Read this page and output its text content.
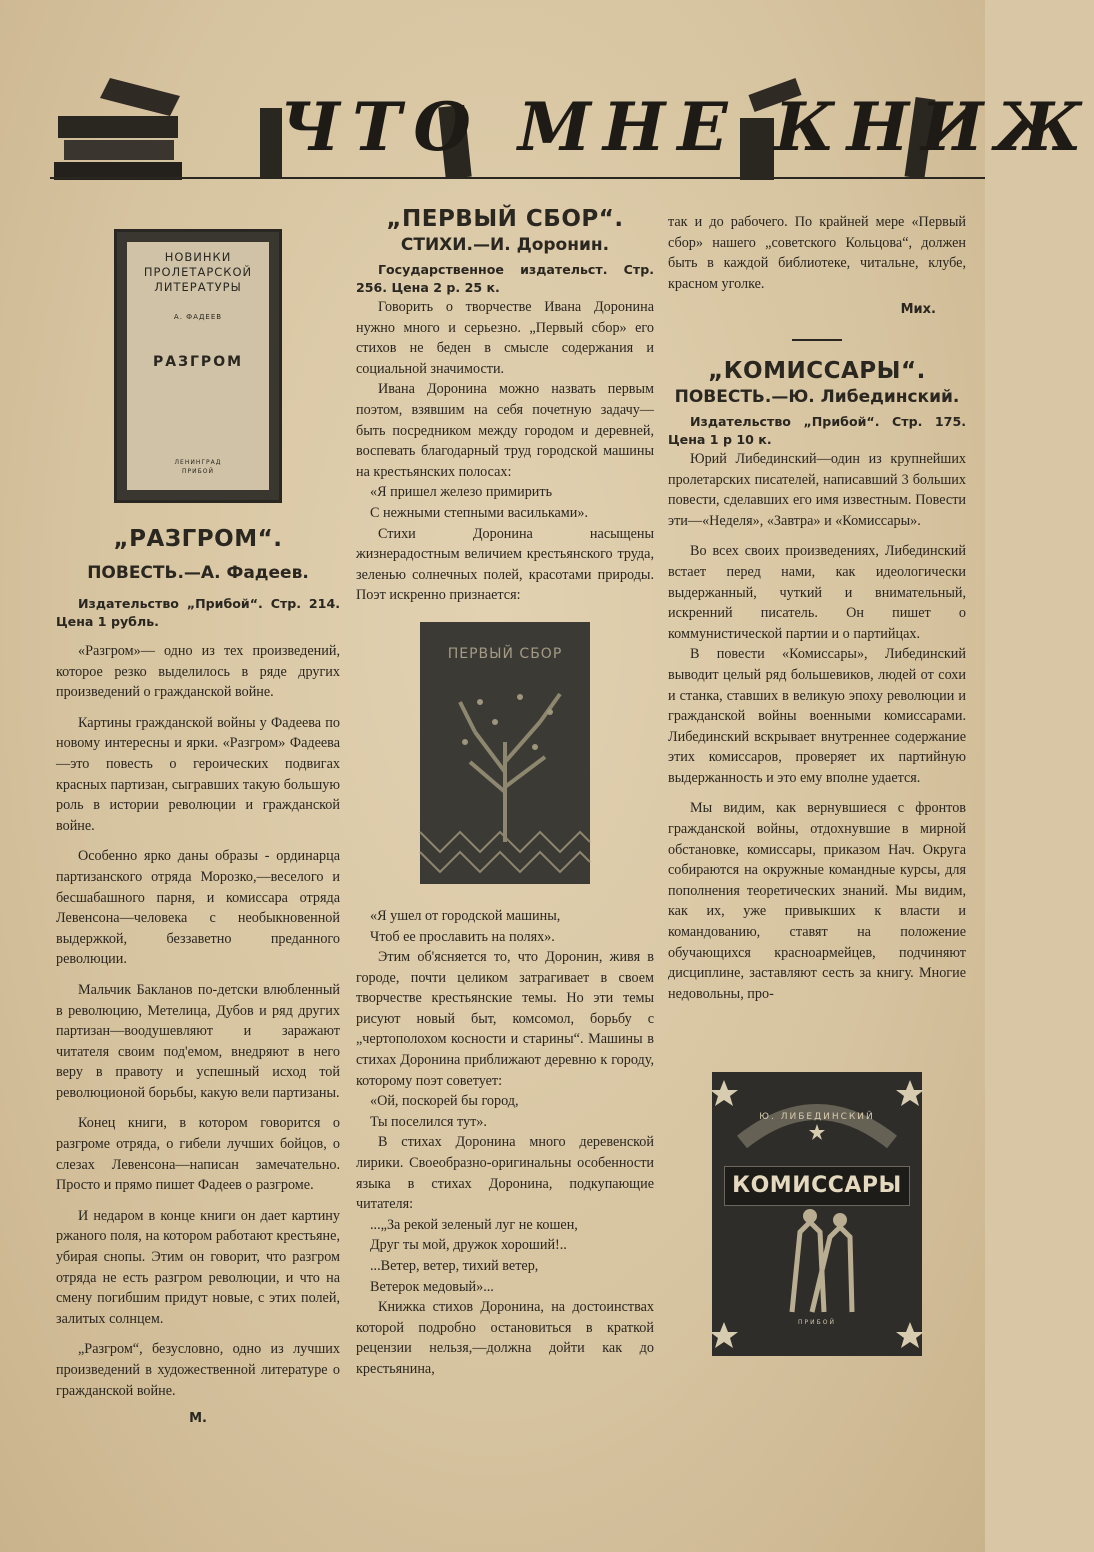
ЧТО МНЕ КНИЖ
НОВИНКИ ПРОЛЕТАРСКОЙ ЛИТЕРАТУРЫ
А. ФАДЕЕВ
РАЗГРОМ
ЛЕНИНГРАД
ПРИБОЙ
„РАЗГРОМ“.
ПОВЕСТЬ.—А. Фадеев.
Издательство „Прибой“. Стр. 214. Цена 1 рубль.

«Разгром»— одно из тех произведений, которое резко выделилось в ряде других произведений о гражданской войне.

Картины гражданской войны у Фадеева по новому интересны и ярки. «Разгром» Фадеева—это повесть о героических подвигах красных партизан, сыгравших такую большую роль в истории революции и гражданской войне.

Особенно ярко даны образы - ординарца партизанского отряда Морозко,—веселого и бесшабашного парня, и комиссара отряда Левенсона—человека с необыкновенной выдержкой, беззаветно преданного революции.

Мальчик Бакланов по-детски влюбленный в революцию, Метелица, Дубов и ряд других партизан—воодушевляют и заражают читателя своим под'емом, внедряют в него веру в правоту и успешный исход той революционой борьбы, какую вели партизаны.

Конец книги, в котором говорится о разгроме отряда, о гибели лучших бойцов, о слезах Левенсона—написан замечательно. Просто и прямо пишет Фадеев о разгроме.

И недаром в конце книги он дает картину ржаного поля, на котором работают крестьяне, убирая снопы. Этим он говорит, что разгром отряда не есть разгром революции, и что на смену погибшим придут новые, с этих полей, залитых солнцем.

„Разгром“, безусловно, одно из лучших произведений в художественной литературе о гражданской войне.

М.
„ПЕРВЫЙ СБОР“.
СТИХИ.—И. Доронин.
Государственное издательст. Стр. 256. Цена 2 р. 25 к.

Говорить о творчестве Ивана Доронина нужно много и серьезно. „Первый сбор» его стихов не беден в смысле содержания и социальной значимости.

Ивана Доронина можно назвать первым поэтом, взявшим на себя почетную задачу—быть посредником между городом и деревней, воспевать благодарный труд городской машины на крестьянских полосах:

«Я пришел железо примирить

С нежными степными васильками».

Стихи Доронина насыщены жизнерадостным величием крестьянского труда, зеленью солнечных полей, красотами природы. Поэт искренно признается:

ПЕРВЫЙ СБОР

«Я ушел от городской машины,

Чтоб ее прославить на полях».

Этим об'ясняется то, что Доронин, живя в городе, почти целиком затрагивает в своем творчестве крестьянские темы. Но эти темы рисуют новый быт, комсомол, борьбу с „чертополохом косности и старины“. Машины в стихах Доронина приближают деревню к городу, которому поэт советует:

«Ой, поскорей бы город,

Ты поселился тут».

В стихах Доронина много деревенской лирики. Своеобразно-оригинальны особенности языка в стихах Доронина, подкупающие читателя:

...„За рекой зеленый луг не кошен,

Друг ты мой, дружок хороший!..

...Ветер, ветер, тихий ветер,

Ветерок медовый»...

Книжка стихов Доронина, на достоинствах которой подробно остановиться в краткой рецензии нельзя,—должна дойти как до крестьянина,

так и до рабочего. По крайней мере «Первый сбор» нашего „советского Кольцова“, должен быть в каждой библиотеке, читальне, клубе, красном уголке.

Мих.
„КОМИССАРЫ“.
ПОВЕСТЬ.—Ю. Либединский.
Издательство „Прибой“. Стр. 175. Цена 1 р 10 к.

Юрий Либединский—один из крупнейших пролетарских писателей, написавший 3 больших повести, сделавших его имя известным. Повести эти—«Неделя», «Завтра» и «Комиссары».

Во всех своих произведениях, Либединский встает перед нами, как идеологически выдержанный, чуткий и внимательный, искренний писатель. Он пишет о коммунистической партии и о партийцах.

В повести «Комиссары», Либединский выводит целый ряд большевиков, людей от сохи и станка, ставших в великую эпоху революции и гражданской войны военными комиссарами. Либединский вскрывает внутреннее содержание этих комиссаров, проверяет их партийную выдержанность и это ему вполне удается.

Мы видим, как вернувшиеся с фронтов гражданской войны, отдохнувшие в мирной обстановке, комиссары, приказом Нач. Округа собираются на окружные командные курсы, для пополнения теоретических знаний. Мы видим, как их, уже привыкших к власти и командованию, ставят на положение обучающихся красноармейцев, подчиняют дисциплине, заставляют сесть за книгу. Многие недовольны, про-

Ю. ЛИБЕДИНСКИЙ
КОМИССАРЫ
ПРИБОЙ
